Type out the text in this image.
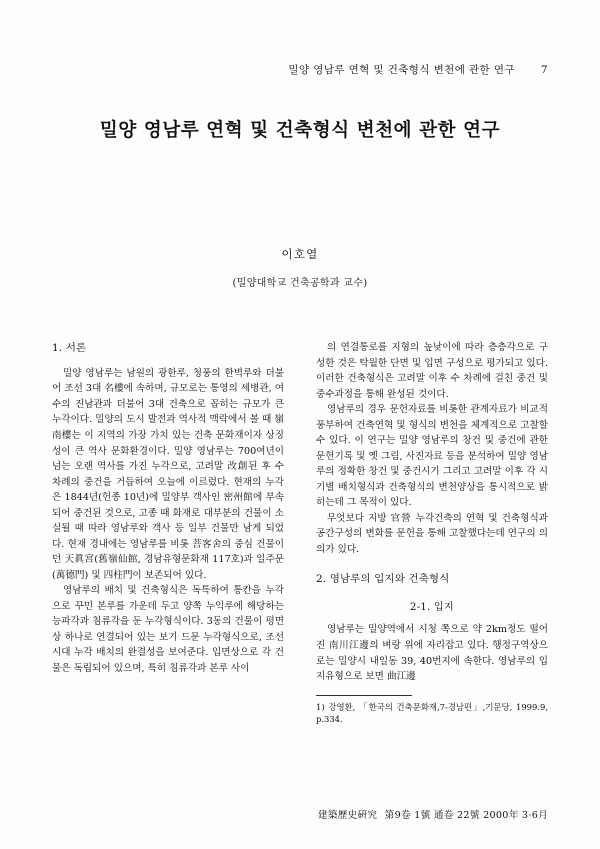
밀양 영남루 연혁 및 건축형식 변천에 관한 연구 7
밀양 영남루 연혁 및 건축형식 변천에 관한 연구
이호열
(밀양대학교 건축공학과 교수)
1. 서론

밀양 영남루는 남원의 광한루, 청풍의 한벽루와 더불어 조선 3대 名樓에 속하며, 규모로는 통영의 세병관, 여수의 진남관과 더불어 3대 건축으로 꼽히는 규모가 큰 누각이다. 밀양의 도시 발전과 역사적 맥락에서 볼 때 嶺南樓는 이 지역의 가장 가치 있는 건축 문화재이자 상징성이 큰 역사 문화환경이다. 밀양 영남루는 700여년이 넘는 오랜 역사를 가진 누각으로, 고려말 改創된 후 수 차례의 중건을 거듭하여 오늘에 이르렀다. 현재의 누각은 1844년(헌종 10년)에 밀양부 객사인 密州館에 부속되어 중건된 것으로, 고종 때 화재로 대부분의 건물이 소실될 때 따라 영남루와 객사 등 일부 건물만 남게 되었다. 현재 경내에는 영남루를 비롯 菩客舍의 중심 건물이던 天眞宮(舊嶺仙館, 경남유형문화재 117호)과 일주문(萬德門) 및 四柱門이 보존되어 있다.

영남루의 배치 및 건축형식은 독특하여 통칸을 누각으로 꾸민 본루를 가운데 두고 양쪽 누익루에 해당하는 능파각과 침류각을 둔 누각형식이다. 3동의 건물이 평면상 하나로 연결되어 있는 보기 드문 누각형식으로, 조선시대 누각 배치의 완결성을 보여준다. 입면상으로 각 건물은 독립되어 있으며, 특히 침류각과 본루 사이

의 연결통로를 지형의 높낮이에 따라 층층각으로 구성한 것은 탁월한 단면 및 입면 구성으로 평가되고 있다. 이러한 건축형식은 고려말 이후 수 차례에 걸친 중건 및 중수과정을 통해 완성된 것이다.

영남루의 경우 문헌자료를 비롯한 관계자료가 비교적 풍부하여 건축연혁 및 형식의 변천을 체계적으로 고찰할 수 있다. 이 연구는 밀양 영남루의 창건 및 중건에 관한 문헌기록 및 옛 그림, 사진자료 등을 분석하여 밀양 영남루의 정확한 창건 및 중건시기 그리고 고려말 이후 각 시기별 배치형식과 건축형식의 변천양상을 통시적으로 밝히는데 그 목적이 있다.

무엇보다 지방 官營 누각건축의 연혁 및 건축형식과 공간구성의 변화를 문헌을 통해 고찰했다는데 연구의 의의가 있다.

2. 영남루의 입지와 건축형식
2-1. 입지

영남루는 밀양역에서 시청 쪽으로 약 2km정도 떨어진 南川江邊의 벼랑 위에 자리잡고 있다. 행정구역상으로는 밀양시 내일동 39, 40번지에 속한다. 영남루의 입지유형으로 보면 曲江邊

1) 강영환, 「한국의 건축문화재,7-경남편」,기문당, 1999.9, p.334.
建築歷史硏究 第9卷 1號 通卷 22號 2000年 3·6月
